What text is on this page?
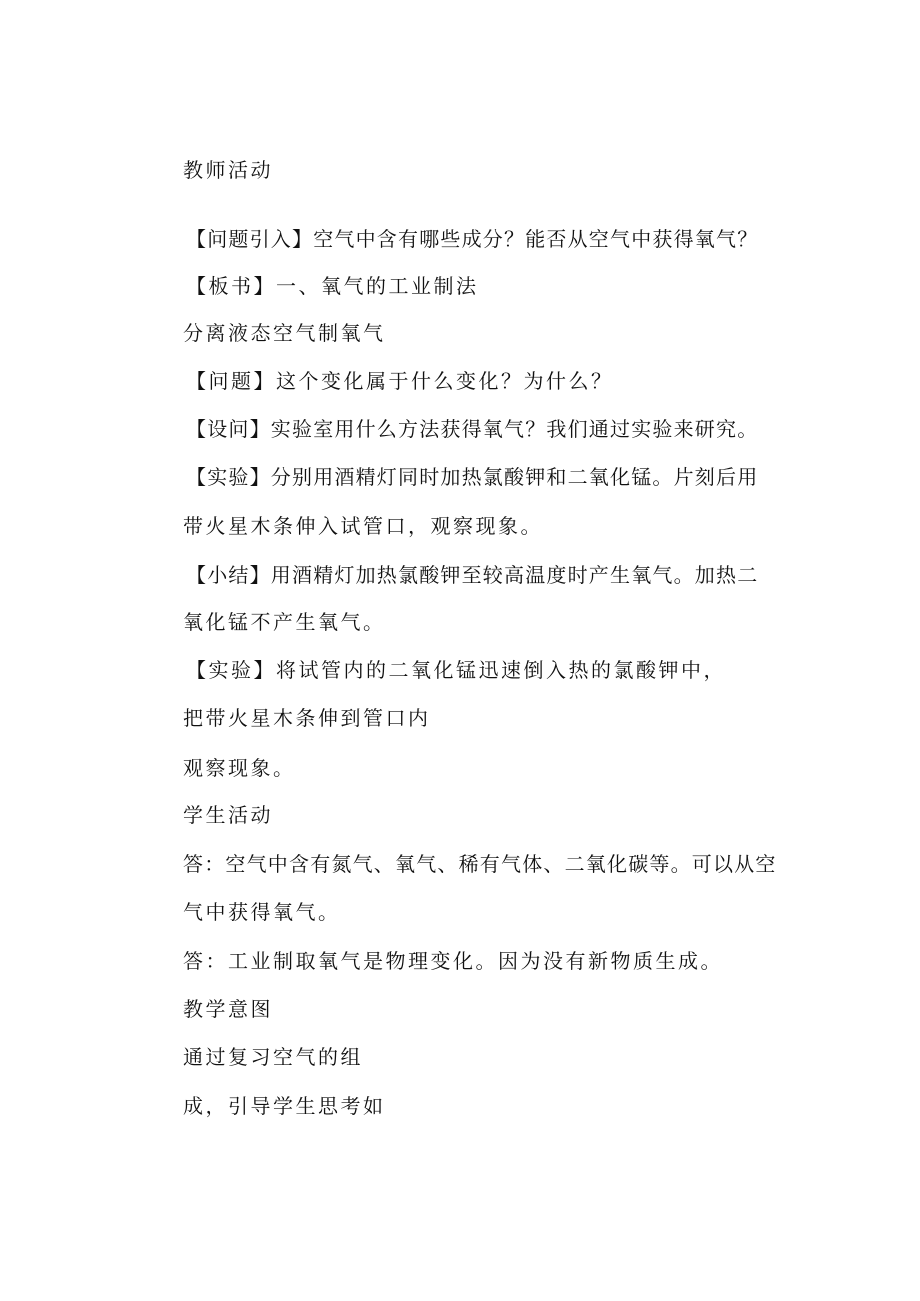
教师活动

【问题引入】空气中含有哪些成分？能否从空气中获得氧气？

【板书】一、氧气的工业制法

分离液态空气制氧气

【问题】这个变化属于什么变化？为什么？

【设问】实验室用什么方法获得氧气？我们通过实验来研究。

【实验】分别用酒精灯同时加热氯酸钾和二氧化锰。片刻后用

带火星木条伸入试管口，观察现象。

【小结】用酒精灯加热氯酸钾至较高温度时产生氧气。加热二

氧化锰不产生氧气。

【实验】将试管内的二氧化锰迅速倒入热的氯酸钾中，

把带火星木条伸到管口内

观察现象。

学生活动

答：空气中含有氮气、氧气、稀有气体、二氧化碳等。可以从空

气中获得氧气。

答：工业制取氧气是物理变化。因为没有新物质生成。

教学意图

通过复习空气的组

成，引导学生思考如
